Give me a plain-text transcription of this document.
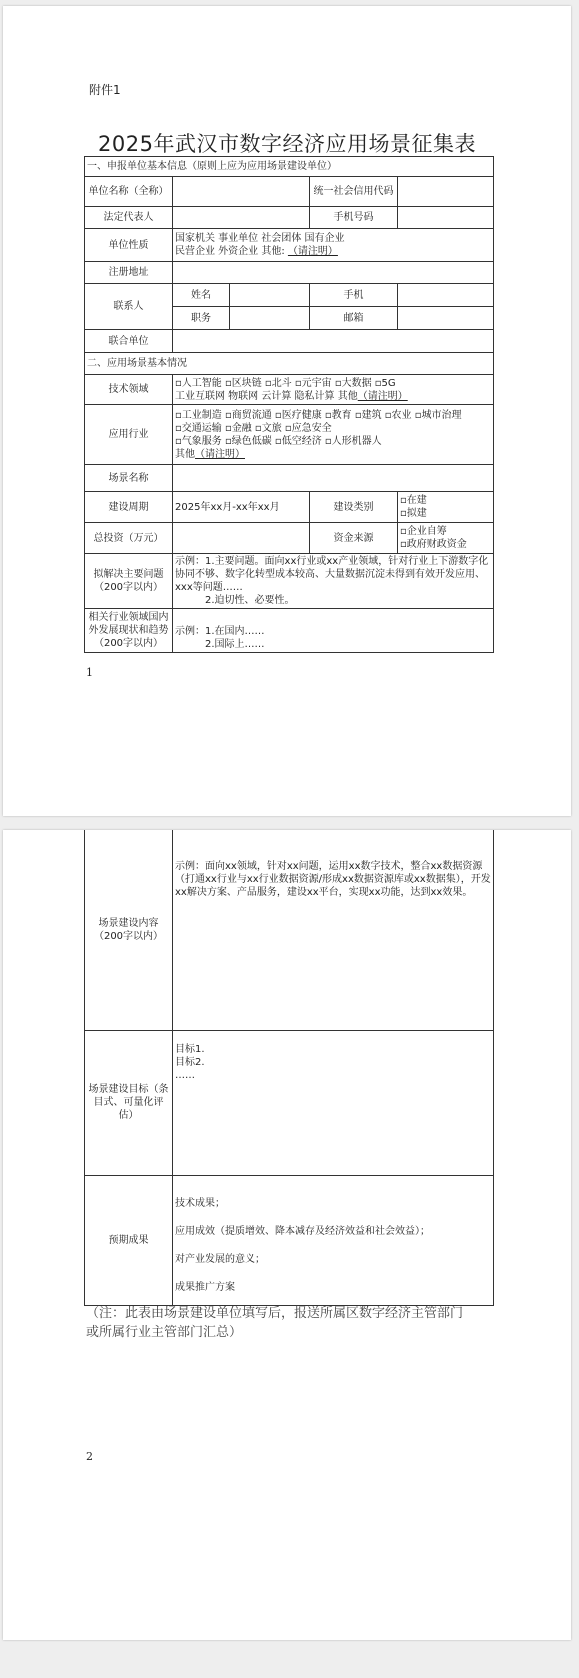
附件1
2025年武汉市数字经济应用场景征集表
一、申报单位基本信息（原则上应为应用场景建设单位）				
单位名称（全称）			统一社会信用代码	
法定代表人			手机号码	
单位性质	国家机关 事业单位 社会团体 国有企业
民营企业 外资企业 其他: （请注明）			

注册地址				
联系人	姓名		手机	
	职务		邮箱	
联合单位				
二、应用场景基本情况				
技术领域	▫人工智能 ▫区块链 ▫北斗 ▫元宇宙 ▫大数据 ▫5G
工业互联网 物联网 云计算 隐私计算 其他（请注明）			

应用行业	▫工业制造 ▫商贸流通 ▫医疗健康 ▫教育 ▫建筑 ▫农业 ▫城市治理
▫交通运输 ▫金融 ▫文旅 ▫应急安全
▫气象服务 ▫绿色低碳 ▫低空经济 ▫人形机器人
其他（请注明）			

场景名称				
建设周期	2025年xx月-xx年xx月		建设类别	▫在建
▫拟建

总投资（万元）			资金来源	▫企业自筹
▫政府财政资金

拟解决主要问题（200字以内）	示例：1.主要问题。面向xx行业或xx产业领域，针对行业上下游数字化协同不够、数字化转型成本较高、大量数据沉淀未得到有效开发应用、xxx等问题……
2.迫切性、必要性。			

相关行业领域国内外发展现状和趋势（200字以内）	示例：1.在国内……
2.国际上……			
1
场景建设内容（200字以内）	示例：面向xx领域，针对xx问题，运用xx数字技术，整合xx数据资源（打通xx行业与xx行业数据资源/形成xx数据资源库或xx数据集），开发xx解决方案、产品服务，建设xx平台，实现xx功能，达到xx效果。
场景建设目标（条目式、可量化评估）	目标1.
目标2.
……

预期成果	技术成果；
应用成效（提质增效、降本减存及经济效益和社会效益）；
对产业发展的意义；
成果推广方案
（注：此表由场景建设单位填写后，报送所属区数字经济主管部门或所属行业主管部门汇总）
2
